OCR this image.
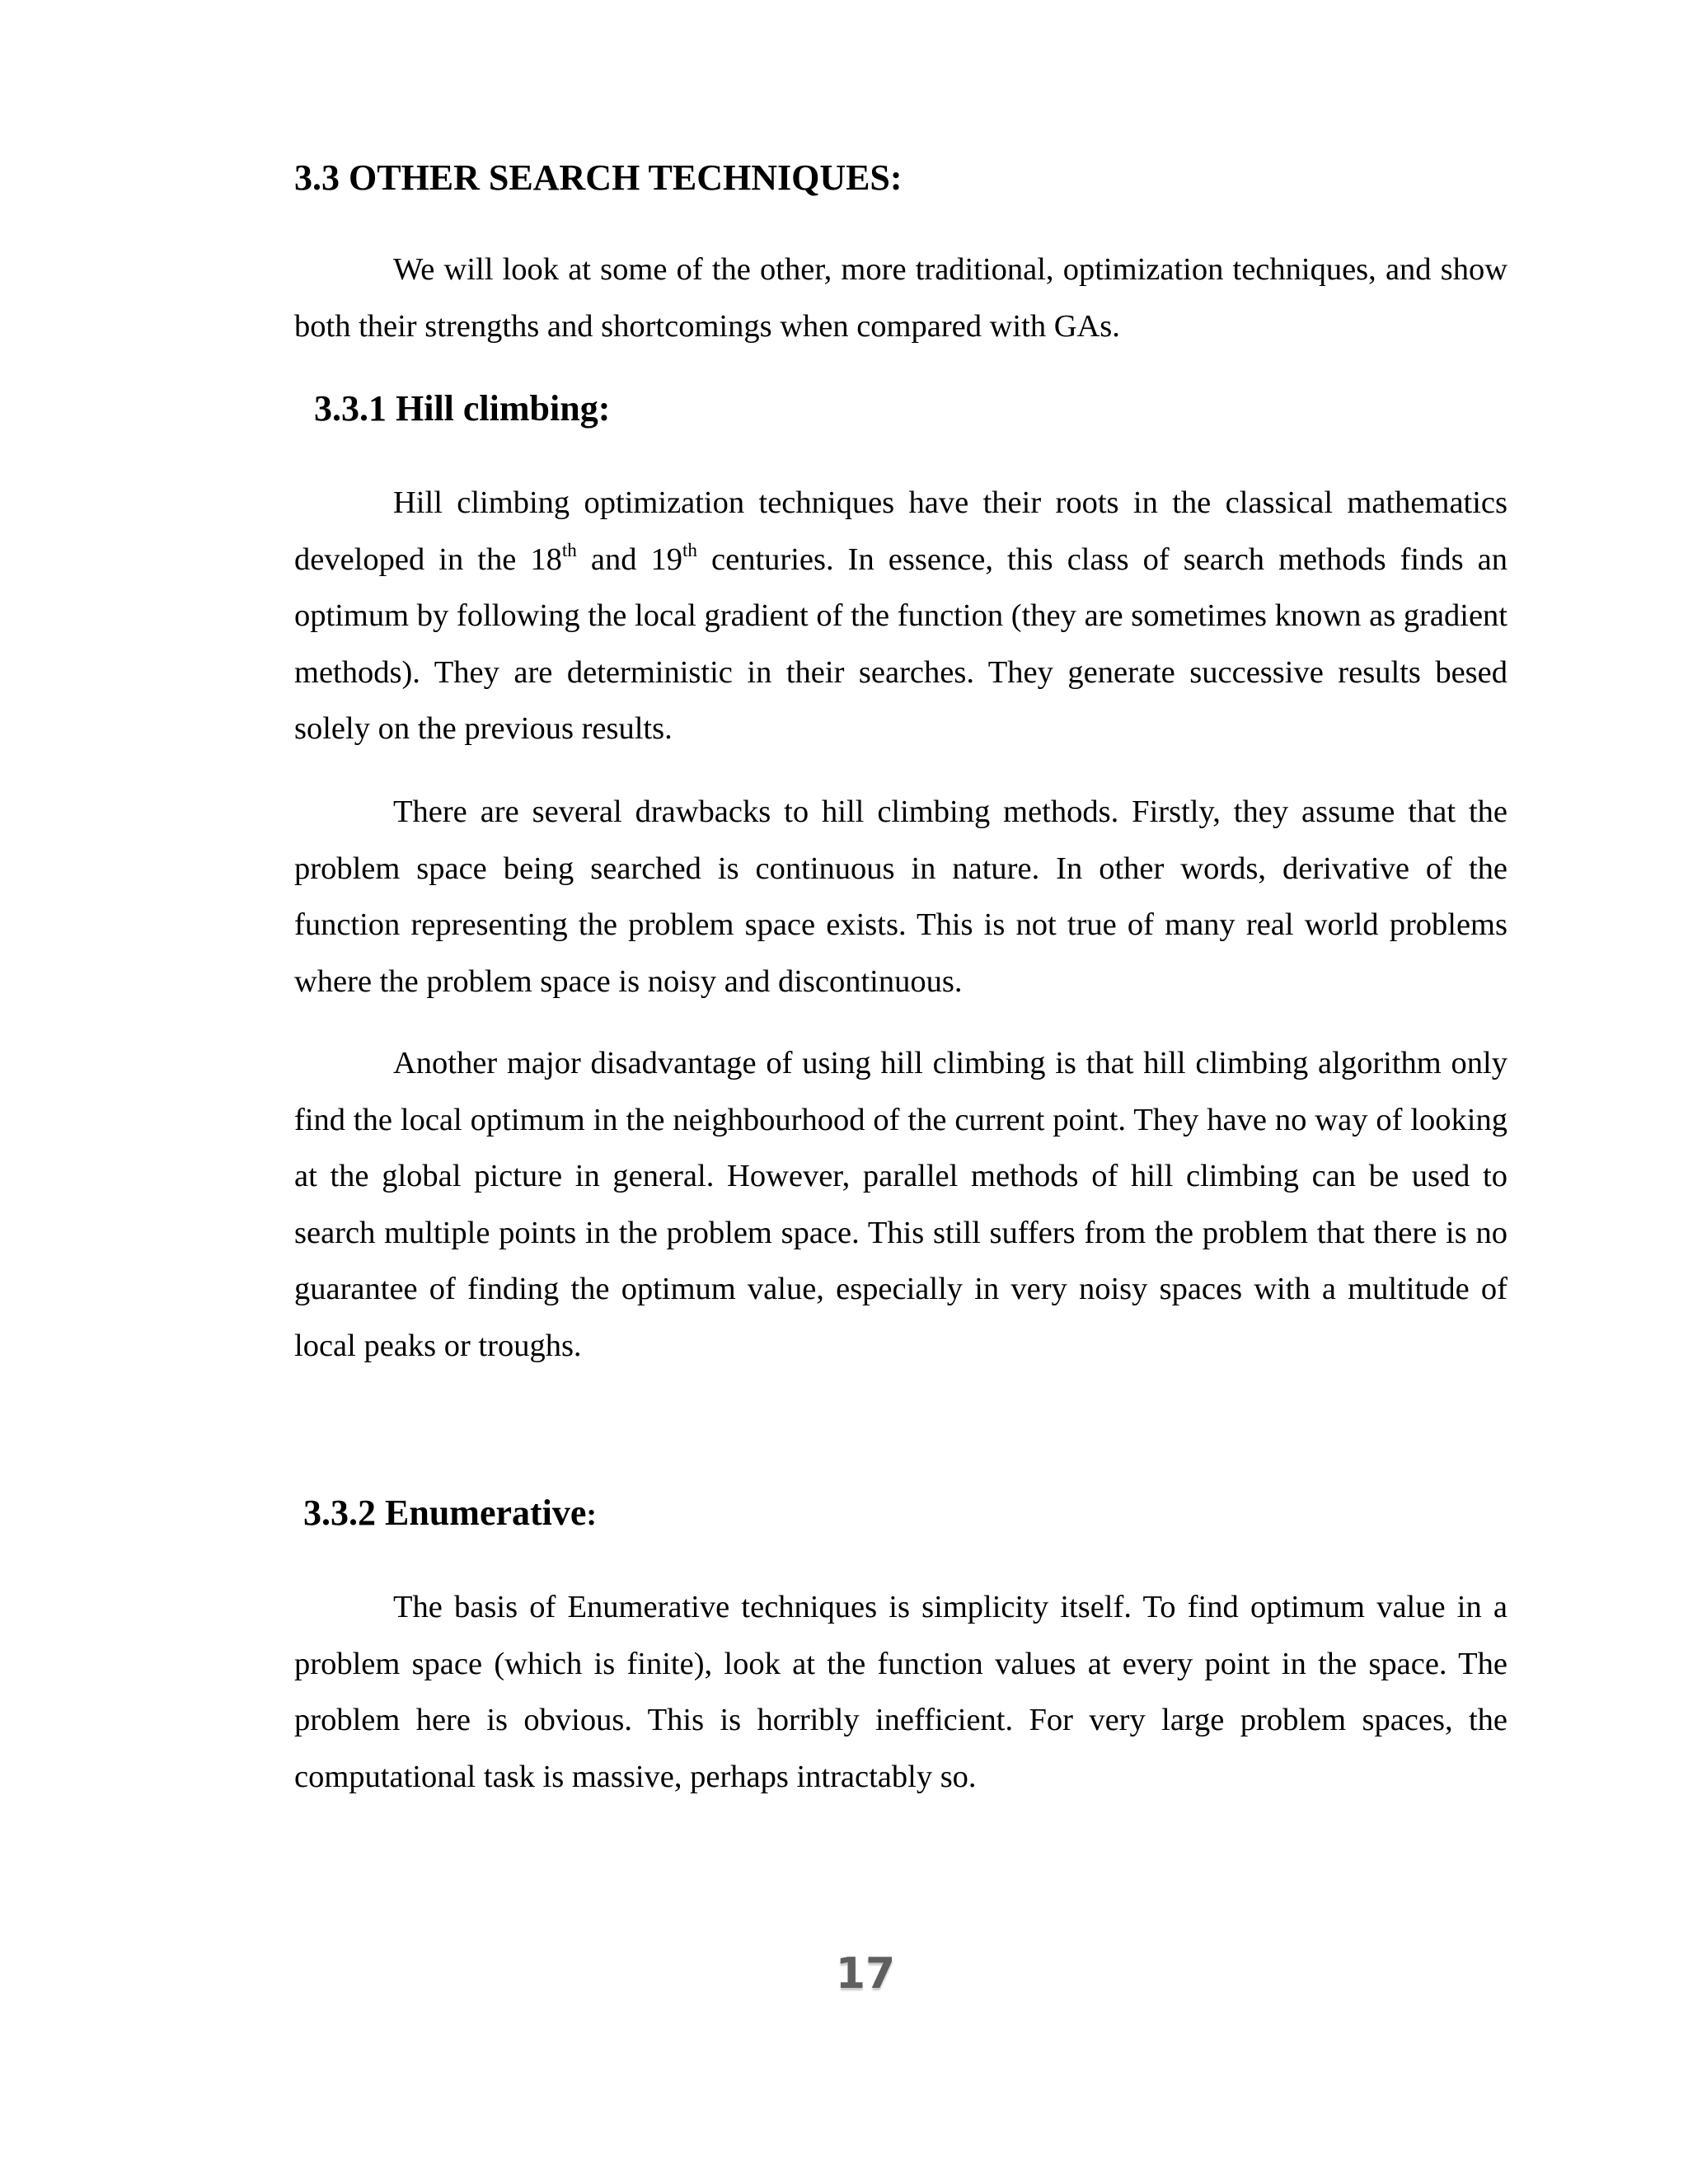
3.3 OTHER SEARCH TECHNIQUES:

We will look at some of the other, more traditional, optimization techniques, and show both their strengths and shortcomings when compared with GAs.

3.3.1 Hill climbing:

Hill climbing optimization techniques have their roots in the classical mathematics developed in the 18th and 19th centuries. In essence, this class of search methods finds an optimum by following the local gradient of the function (they are sometimes known as gradient methods). They are deterministic in their searches. They generate successive results besed solely on the previous results.

There are several drawbacks to hill climbing methods. Firstly, they assume that the problem space being searched is continuous in nature. In other words, derivative of the function representing the problem space exists. This is not true of many real world problems where the problem space is noisy and discontinuous.

Another major disadvantage of using hill climbing is that hill climbing algorithm only find the local optimum in the neighbourhood of the current point. They have no way of looking at the global picture in general. However, parallel methods of hill climbing can be used to search multiple points in the problem space. This still suffers from the problem that there is no guarantee of finding the optimum value, especially in very noisy spaces with a multitude of local peaks or troughs.

3.3.2 Enumerative:

The basis of Enumerative techniques is simplicity itself. To find optimum value in a problem space (which is finite), look at the function values at every point in the space. The problem here is obvious. This is horribly inefficient. For very large problem spaces, the computational task is massive, perhaps intractably so.

17
